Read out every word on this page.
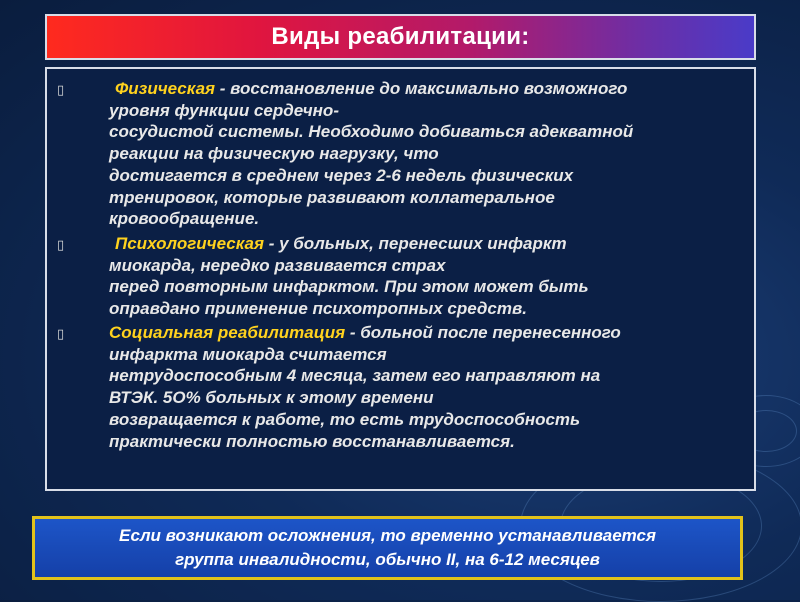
Виды реабилитации:
▯	Физическая - восстановление до максимально возможного
уровня функции сердечно-
сосудистой системы. Необходимо добиваться адекватной
реакции на физическую нагрузку, что
достигается в среднем через 2-6 недель физических
тренировок, которые развивают коллатеральное
кровообращение.
▯	Психологическая - у больных, перенесших инфаркт
миокарда, нередко развивается страх
перед повторным инфарктом. При этом может быть
оправдано применение психотропных средств.
▯	Социальная реабилитация - больной после перенесенного
инфаркта миокарда считается
нетрудоспособным 4 месяца, затем его направляют на
ВТЭК. 5О% больных к этому времени
возвращается к работе, то есть трудоспособность
практически полностью восстанавливается.
Если возникают осложнения, то временно устанавливается
группа инвалидности, обычно II, на 6-12 месяцев
